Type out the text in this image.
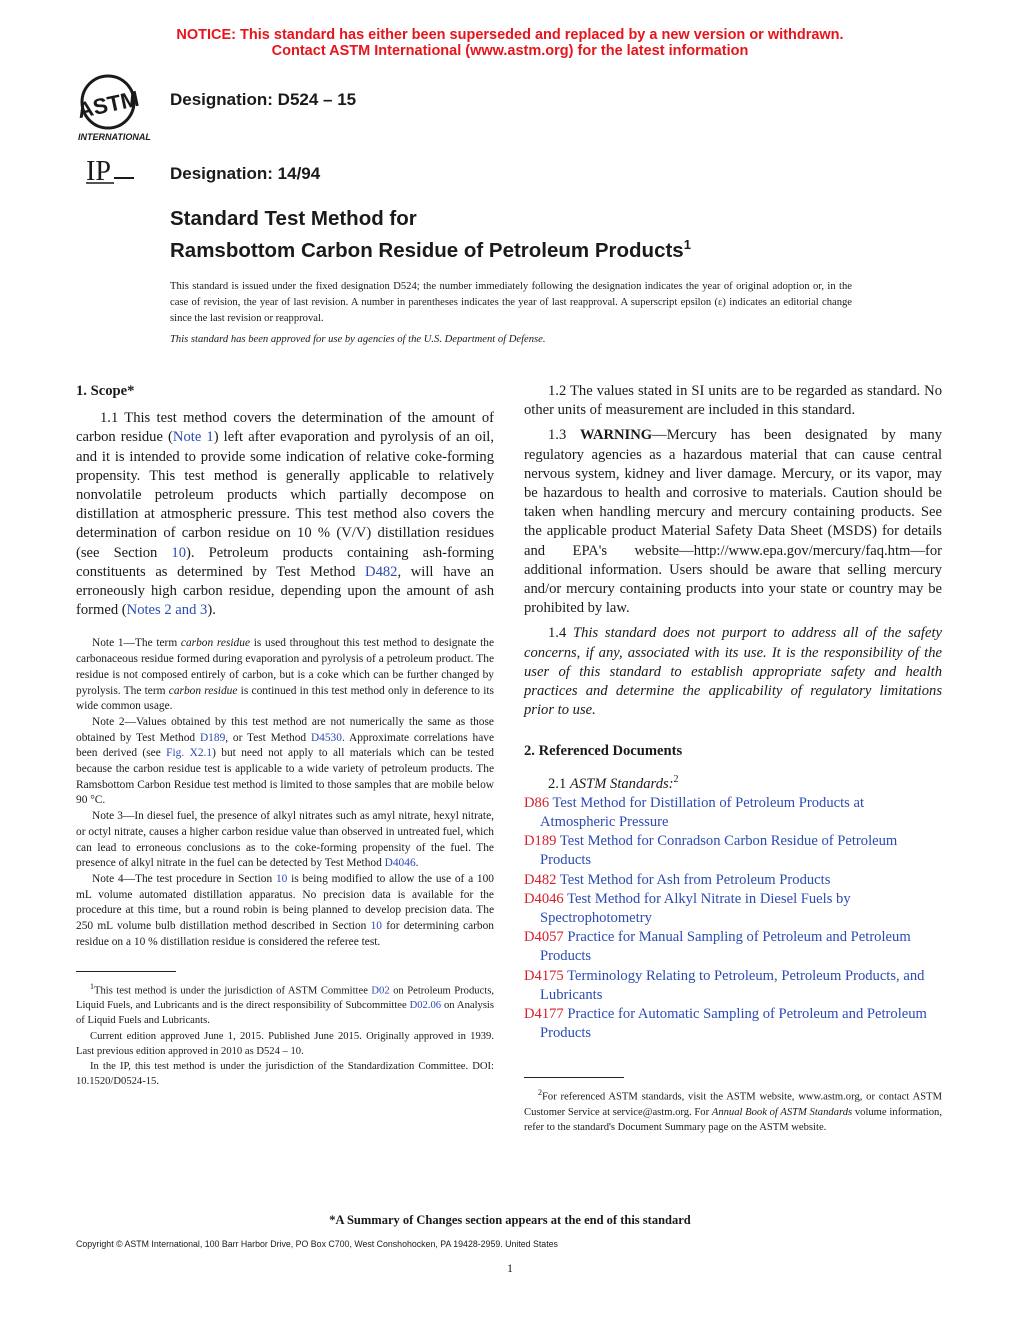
NOTICE: This standard has either been superseded and replaced by a new version or withdrawn.
Contact ASTM International (www.astm.org) for the latest information
ASTM
INTERNATIONAL
IP
Designation: D524 – 15
Designation: 14/94
Standard Test Method for
Ramsbottom Carbon Residue of Petroleum Products$^1$
This standard is issued under the fixed designation D524; the number immediately following the designation indicates the year of original adoption or, in the case of revision, the year of last revision. A number in parentheses indicates the year of last reapproval. A superscript epsilon (ε) indicates an editorial change since the last revision or reapproval.
This standard has been approved for use by agencies of the U.S. Department of Defense.
1. Scope*

1.1 This test method covers the determination of the amount of carbon residue (Note 1) left after evaporation and pyrolysis of an oil, and it is intended to provide some indication of relative coke-forming propensity. This test method is generally applicable to relatively nonvolatile petroleum products which partially decompose on distillation at atmospheric pressure. This test method also covers the determination of carbon residue on 10 % (V/V) distillation residues (see Section 10). Petroleum products containing ash-forming constituents as determined by Test Method D482, will have an erroneously high carbon residue, depending upon the amount of ash formed (Notes 2 and 3).

Note 1—The term carbon residue is used throughout this test method to designate the carbonaceous residue formed during evaporation and pyrolysis of a petroleum product. The residue is not composed entirely of carbon, but is a coke which can be further changed by pyrolysis. The term carbon residue is continued in this test method only in deference to its wide common usage.

Note 2—Values obtained by this test method are not numerically the same as those obtained by Test Method D189, or Test Method D4530. Approximate correlations have been derived (see Fig. X2.1) but need not apply to all materials which can be tested because the carbon residue test is applicable to a wide variety of petroleum products. The Ramsbottom Carbon Residue test method is limited to those samples that are mobile below 90 °C.

Note 3—In diesel fuel, the presence of alkyl nitrates such as amyl nitrate, hexyl nitrate, or octyl nitrate, causes a higher carbon residue value than observed in untreated fuel, which can lead to erroneous conclusions as to the coke-forming propensity of the fuel. The presence of alkyl nitrate in the fuel can be detected by Test Method D4046.

Note 4—The test procedure in Section 10 is being modified to allow the use of a 100 mL volume automated distillation apparatus. No precision data is available for the procedure at this time, but a round robin is being planned to develop precision data. The 250 mL volume bulb distillation method described in Section 10 for determining carbon residue on a 10 % distillation residue is considered the referee test.

$^1$This test method is under the jurisdiction of ASTM Committee D02 on Petroleum Products, Liquid Fuels, and Lubricants and is the direct responsibility of Subcommittee D02.06 on Analysis of Liquid Fuels and Lubricants.

Current edition approved June 1, 2015. Published June 2015. Originally approved in 1939. Last previous edition approved in 2010 as D524 – 10.

In the IP, this test method is under the jurisdiction of the Standardization Committee. DOI: 10.1520/D0524-15.

1.2 The values stated in SI units are to be regarded as standard. No other units of measurement are included in this standard.

1.3 WARNING—Mercury has been designated by many regulatory agencies as a hazardous material that can cause central nervous system, kidney and liver damage. Mercury, or its vapor, may be hazardous to health and corrosive to materials. Caution should be taken when handling mercury and mercury containing products. See the applicable product Material Safety Data Sheet (MSDS) for details and EPA's website—http://www.epa.gov/mercury/faq.htm—for additional information. Users should be aware that selling mercury and/or mercury containing products into your state or country may be prohibited by law.

1.4 This standard does not purport to address all of the safety concerns, if any, associated with its use. It is the responsibility of the user of this standard to establish appropriate safety and health practices and determine the applicability of regulatory limitations prior to use.

2. Referenced Documents

2.1 ASTM Standards:$^2$

D86 Test Method for Distillation of Petroleum Products at Atmospheric Pressure

D189 Test Method for Conradson Carbon Residue of Petroleum Products

D482 Test Method for Ash from Petroleum Products

D4046 Test Method for Alkyl Nitrate in Diesel Fuels by Spectrophotometry

D4057 Practice for Manual Sampling of Petroleum and Petroleum Products

D4175 Terminology Relating to Petroleum, Petroleum Products, and Lubricants

D4177 Practice for Automatic Sampling of Petroleum and Petroleum Products

$^2$For referenced ASTM standards, visit the ASTM website, www.astm.org, or contact ASTM Customer Service at service@astm.org. For Annual Book of ASTM Standards volume information, refer to the standard's Document Summary page on the ASTM website.

*A Summary of Changes section appears at the end of this standard
Copyright © ASTM International, 100 Barr Harbor Drive, PO Box C700, West Conshohocken, PA 19428-2959. United States
1
